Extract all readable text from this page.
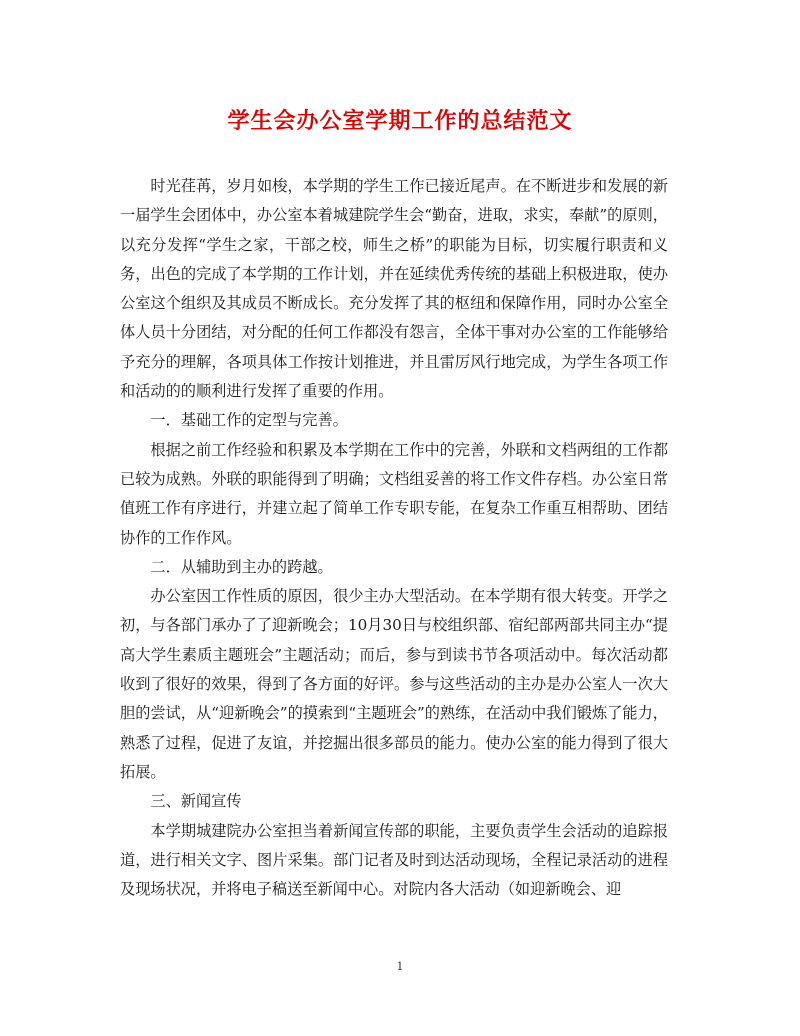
学生会办公室学期工作的总结范文

时光荏苒，岁月如梭，本学期的学生工作已接近尾声。在不断进步和发展的新一届学生会团体中，办公室本着城建院学生会“勤奋，进取，求实，奉献”的原则，以充分发挥“学生之家，干部之校，师生之桥”的职能为目标，切实履行职责和义务，出色的完成了本学期的工作计划，并在延续优秀传统的基础上积极进取，使办公室这个组织及其成员不断成长。充分发挥了其的枢纽和保障作用，同时办公室全体人员十分团结，对分配的任何工作都没有怨言，全体干事对办公室的工作能够给予充分的理解，各项具体工作按计划推进，并且雷厉风行地完成，为学生各项工作和活动的的顺利进行发挥了重要的作用。

一．基础工作的定型与完善。

根据之前工作经验和积累及本学期在工作中的完善，外联和文档两组的工作都已较为成熟。外联的职能得到了明确；文档组妥善的将工作文件存档。办公室日常值班工作有序进行，并建立起了简单工作专职专能，在复杂工作重互相帮助、团结协作的工作作风。

二．从辅助到主办的跨越。

办公室因工作性质的原因，很少主办大型活动。在本学期有很大转变。开学之初，与各部门承办了了迎新晚会；10月30日与校组织部、宿纪部两部共同主办“提高大学生素质主题班会”主题活动；而后，参与到读书节各项活动中。每次活动都收到了很好的效果，得到了各方面的好评。参与这些活动的主办是办公室人一次大胆的尝试，从“迎新晚会”的摸索到“主题班会”的熟练，在活动中我们锻炼了能力，熟悉了过程，促进了友谊，并挖掘出很多部员的能力。使办公室的能力得到了很大拓展。

三、新闻宣传

本学期城建院办公室担当着新闻宣传部的职能，主要负责学生会活动的追踪报道，进行相关文字、图片采集。部门记者及时到达活动现场，全程记录活动的进程及现场状况，并将电子稿送至新闻中心。对院内各大活动（如迎新晚会、迎

1
